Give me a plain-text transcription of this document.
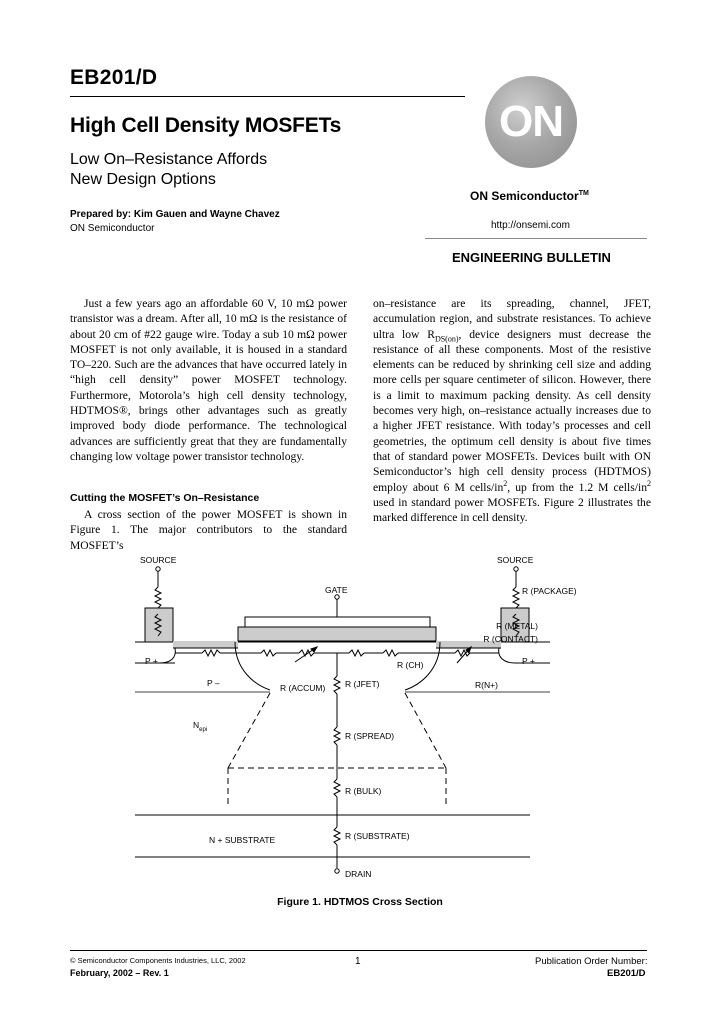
EB201/D
High Cell Density MOSFETs
Low On–Resistance Affords
New Design Options
Prepared by: Kim Gauen and Wayne Chavez
ON Semiconductor
ON
ON Semiconductor™
http://onsemi.com
ENGINEERING BULLETIN

Just a few years ago an affordable 60 V, 10 mΩ power transistor was a dream. After all, 10 mΩ is the resistance of about 20 cm of #22 gauge wire. Today a sub 10 mΩ power MOSFET is not only available, it is housed in a standard TO–220. Such are the advances that have occurred lately in “high cell density” power MOSFET technology. Furthermore, Motorola’s high cell density technology, HDTMOS®, brings other advantages such as greatly improved body diode performance. The technological advances are sufficiently great that they are fundamentally changing low voltage power transistor technology.

Cutting the MOSFET’s On–Resistance

A cross section of the power MOSFET is shown in Figure 1. The major contributors to the standard MOSFET’s

on–resistance are its spreading, channel, JFET, accumulation region, and substrate resistances. To achieve ultra low $R_{DS(on)}$, device designers must decrease the resistance of all these components. Most of the resistive elements can be reduced by shrinking cell size and adding more cells per square centimeter of silicon. However, there is a limit to maximum packing density. As cell density becomes very high, on–resistance actually increases due to a higher JFET resistance. With today’s processes and cell geometries, the optimum cell density is about five times that of standard power MOSFETs. Devices built with ON Semiconductor’s high cell density process (HDTMOS) employ about 6 M cells/$in^2$, up from the 1.2 M cells/$in^2$ used in standard power MOSFETs. Figure 2 illustrates the marked difference in cell density.

SOURCE	SOURCE
GATE	R (PACKAGE)
R (METAL)
R (CONTACT)
P +	P +
P –
R (CH)
R(N+)
R (ACCUM) R (JFET)
$N_{epi}$
R (SPREAD)
R (BULK)
N + SUBSTRATE	R (SUBSTRATE)
DRAIN
Figure 1. HDTMOS Cross Section
© Semiconductor Components Industries, LLC, 2002
February, 2002 – Rev. 1
1	Publication Order Number:
EB201/D
